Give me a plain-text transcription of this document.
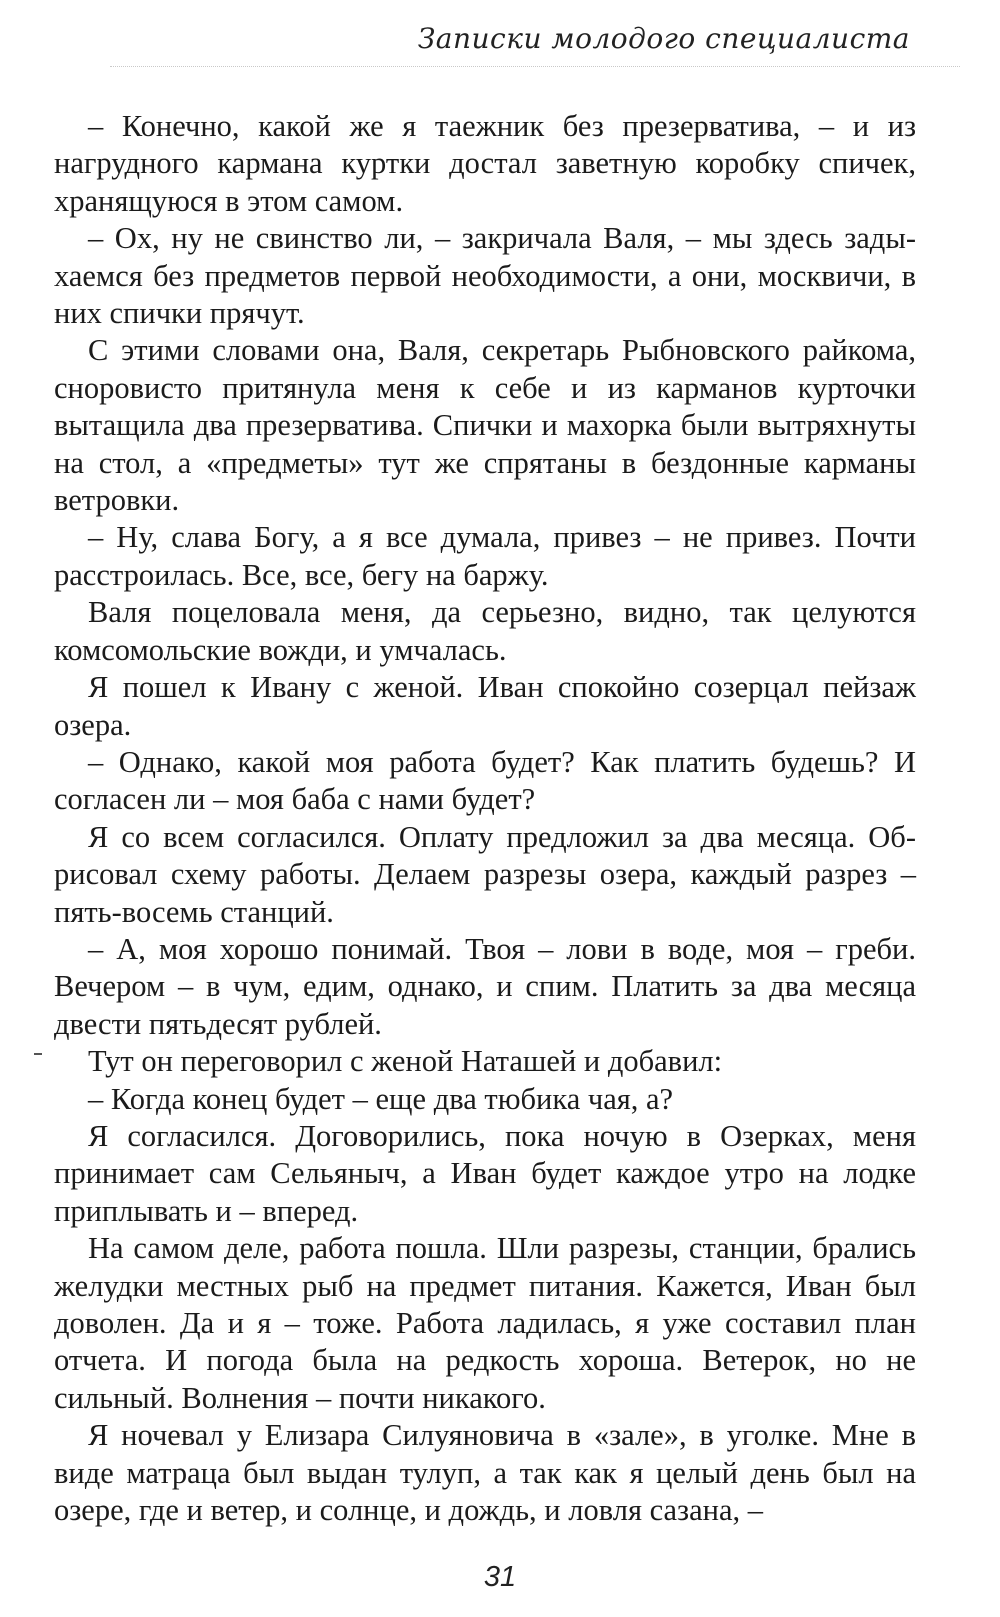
Записки молодого специалиста

– Конечно, какой же я таежник без презерватива, – и из нагрудного кармана куртки достал заветную коробку спичек, хранящуюся в этом самом.

– Ох, ну не свинство ли, – закричала Валя, – мы здесь задыхаемся без предметов первой необходимости, а они, москвичи, в них спички прячут.

С этими словами она, Валя, секретарь Рыбновского райкома, сноровисто притянула меня к себе и из карманов курточки вытащила два презерватива. Спички и махорка были вытряхнуты на стол, а «предметы» тут же спрятаны в бездонные карманы ветровки.

– Ну, слава Богу, а я все думала, привез – не привез. Почти расстроилась. Все, все, бегу на баржу.

Валя поцеловала меня, да серьезно, видно, так целуются комсомольские вожди, и умчалась.

Я пошел к Ивану с женой. Иван спокойно созерцал пейзаж озера.

– Однако, какой моя работа будет? Как платить будешь? И согласен ли – моя баба с нами будет?

Я со всем согласился. Оплату предложил за два месяца. Обрисовал схему работы. Делаем разрезы озера, каждый разрез – пять-восемь станций.

– А, моя хорошо понимай. Твоя – лови в воде, моя – греби. Вечером – в чум, едим, однако, и спим. Платить за два месяца двести пятьдесят рублей.

Тут он переговорил с женой Наташей и добавил:

– Когда конец будет – еще два тюбика чая, а?

Я согласился. Договорились, пока ночую в Озерках, меня принимает сам Сельяныч, а Иван будет каждое утро на лодке приплывать и – вперед.

На самом деле, работа пошла. Шли разрезы, станции, брались желудки местных рыб на предмет питания. Кажется, Иван был доволен. Да и я – тоже. Работа ладилась, я уже составил план отчета. И погода была на редкость хороша. Ветерок, но не сильный. Волнения – почти никакого.

Я ночевал у Елизара Силуяновича в «зале», в уголке. Мне в виде матраца был выдан тулуп, а так как я целый день был на озере, где и ветер, и солнце, и дождь, и ловля сазана, –

31
